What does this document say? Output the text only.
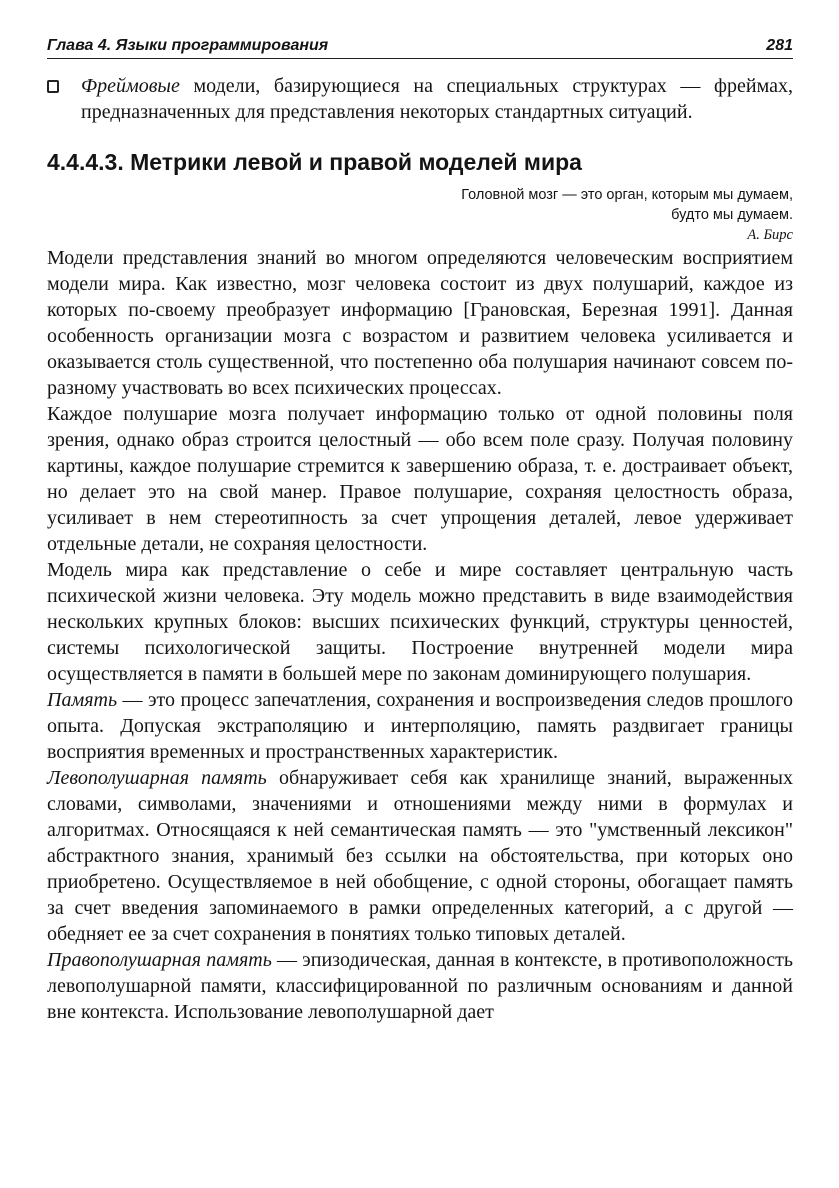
Глава 4. Языки программирования	281
Фреймовые модели, базирующиеся на специальных структурах — фреймах, предназначенных для представления некоторых стандартных ситуаций.
4.4.4.3. Метрики левой и правой моделей мира
Головной мозг — это орган, которым мы думаем,
будто мы думаем.
А. Бирс

Модели представления знаний во многом определяются человеческим восприятием модели мира. Как известно, мозг человека состоит из двух полушарий, каждое из которых по-своему преобразует информацию [Грановская, Березная 1991]. Данная особенность организации мозга с возрастом и развитием человека усиливается и оказывается столь существенной, что постепенно оба полушария начинают совсем по-разному участвовать во всех психических процессах.

Каждое полушарие мозга получает информацию только от одной половины поля зрения, однако образ строится целостный — обо всем поле сразу. Получая половину картины, каждое полушарие стремится к завершению образа, т. е. достраивает объект, но делает это на свой манер. Правое полушарие, сохраняя целостность образа, усиливает в нем стереотипность за счет упрощения деталей, левое удерживает отдельные детали, не сохраняя целостности.

Модель мира как представление о себе и мире составляет центральную часть психической жизни человека. Эту модель можно представить в виде взаимодействия нескольких крупных блоков: высших психических функций, структуры ценностей, системы психологической защиты. Построение внутренней модели мира осуществляется в памяти в большей мере по законам доминирующего полушария.

Память — это процесс запечатления, сохранения и воспроизведения следов прошлого опыта. Допуская экстраполяцию и интерполяцию, память раздвигает границы восприятия временных и пространственных характеристик.

Левополушарная память обнаруживает себя как хранилище знаний, выраженных словами, символами, значениями и отношениями между ними в формулах и алгоритмах. Относящаяся к ней семантическая память — это "умственный лексикон" абстрактного знания, хранимый без ссылки на обстоятельства, при которых оно приобретено. Осуществляемое в ней обобщение, с одной стороны, обогащает память за счет введения запоминаемого в рамки определенных категорий, а с другой — обедняет ее за счет сохранения в понятиях только типовых деталей.

Правополушарная память — эпизодическая, данная в контексте, в противоположность левополушарной памяти, классифицированной по различным основаниям и данной вне контекста. Использование левополушарной дает
